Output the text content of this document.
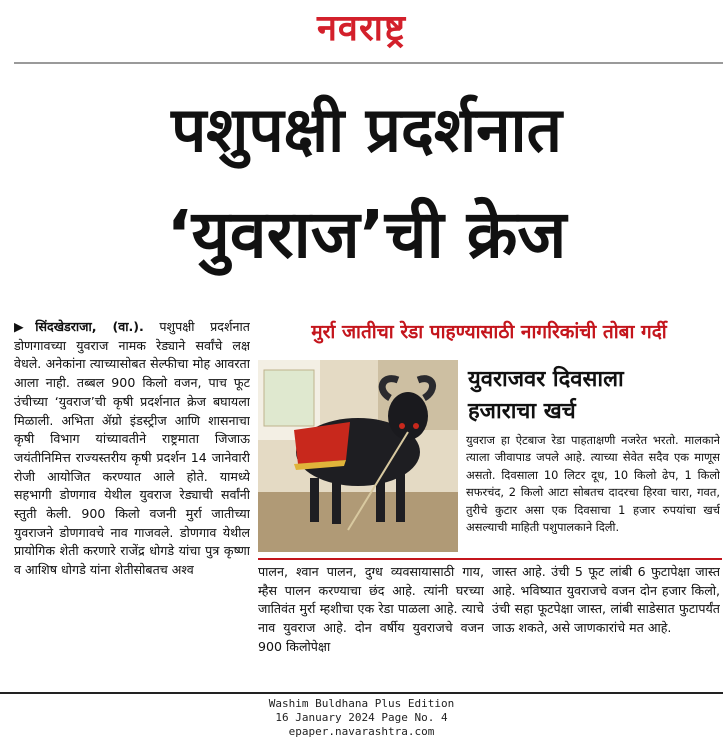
नवराष्ट्र
पशुपक्षी प्रदर्शनात
‘युवराज’ची क्रेज

▶सिंदखेडराजा, (वा.). पशुपक्षी प्रदर्शनात डोणगावच्या युवराज नामक रेड्याने सर्वांचे लक्ष वेधले. अनेकांना त्याच्यासोबत सेल्फीचा मोह आवरता आला नाही. तब्बल 900 किलो वजन, पाच फूट उंचीच्या ‘युवराज’ची कृषी प्रदर्शनात क्रेज बघायला मिळाली. अभिता ॲग्रो इंडस्ट्रीज आणि शासनाचा कृषी विभाग यांच्यावतीने राष्ट्रमाता जिजाऊ जयंतीनिमित्त राज्यस्तरीय कृषी प्रदर्शन 14 जानेवारी रोजी आयोजित करण्यात आले होते. यामध्ये सहभागी डोणगाव येथील युवराज रेड्याची सर्वांनी स्तुती केली. 900 किलो वजनी मुर्रा जातीच्या युवराजने डोणगावचे नाव गाजवले. डोणगाव येथील प्रायोगिक शेती करणारे राजेंद्र धोगडे यांचा पुत्र कृष्णा व आशिष धोगडे यांना शेतीसोबतच अश्व

मुर्रा जातीचा रेडा पाहण्यासाठी नागरिकांची तोबा गर्दी
युवराजवर दिवसाला
हजाराचा खर्च

युवराज हा ऐटबाज रेडा पाहताक्षणी नजरेत भरतो. मालकाने त्याला जीवापाड जपले आहे. त्याच्या सेवेत सदैव एक माणूस असतो. दिवसाला 10 लिटर दूध, 10 किलो ढेप, 1 किलो सफरचंद, 2 किलो आटा सोबतच दादरचा हिरवा चारा, गवत, तुरीचे कुटार असा एक दिवसाचा 1 हजार रुपयांचा खर्च असल्याची माहिती पशुपालकाने दिली.

पालन, श्वान पालन, दुग्ध व्यवसायासाठी गाय, म्हैस पालन करण्याचा छंद आहे. त्यांनी घरच्या जातिवंत मुर्रा म्हशीचा एक रेडा पाळला आहे. त्याचे नाव युवराज आहे. दोन वर्षीय युवराजचे वजन 900 किलोपेक्षा

जास्त आहे. उंची 5 फूट लांबी 6 फुटापेक्षा जास्त आहे. भविष्यात युवराजचे वजन दोन हजार किलो, उंची सहा फूटपेक्षा जास्त, लांबी साडेसात फुटापर्यंत जाऊ शकते, असे जाणकारांचे मत आहे.

Washim Buldhana Plus Edition
16 January 2024 Page No. 4
epaper.navarashtra.com
